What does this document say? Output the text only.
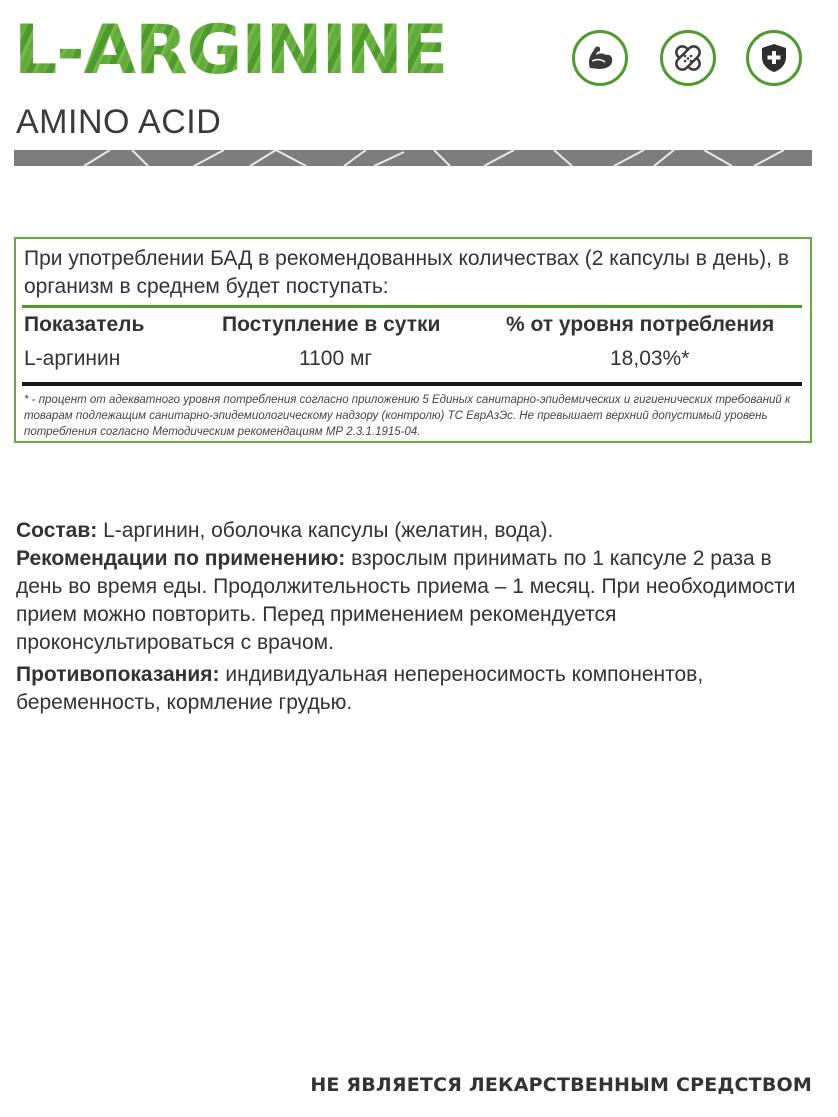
L-ARGININE
AMINO ACID
При употреблении БАД в рекомендованных количествах (2 капсулы в день), в организм в среднем будет поступать:
Показатель	Поступление в сутки	% от уровня потребления
L-аргинин	1100 мг	18,03%*
* - процент от адекватного уровня потребления согласно приложению 5 Единых санитарно-эпидемических и гигиенических требований к товарам подлежащим санитарно-эпидемиологическому надзору (контролю) ТС ЕврАзЭс. Не превышает верхний допустимый уровень потребления согласно Методическим рекомендациям МР 2.3.1.1915-04.
Состав: L-аргинин, оболочка капсулы (желатин, вода).
Рекомендации по применению: взрослым принимать по 1 капсуле 2 раза в день во время еды. Продолжительность приема – 1 месяц. При необходимости прием можно повторить. Перед применением рекомендуется проконсультироваться с врачом.
Противопоказания: индивидуальная непереносимость компонентов, беременность, кормление грудью.
НЕ ЯВЛЯЕТСЯ ЛЕКАРСТВЕННЫМ СРЕДСТВОМ
